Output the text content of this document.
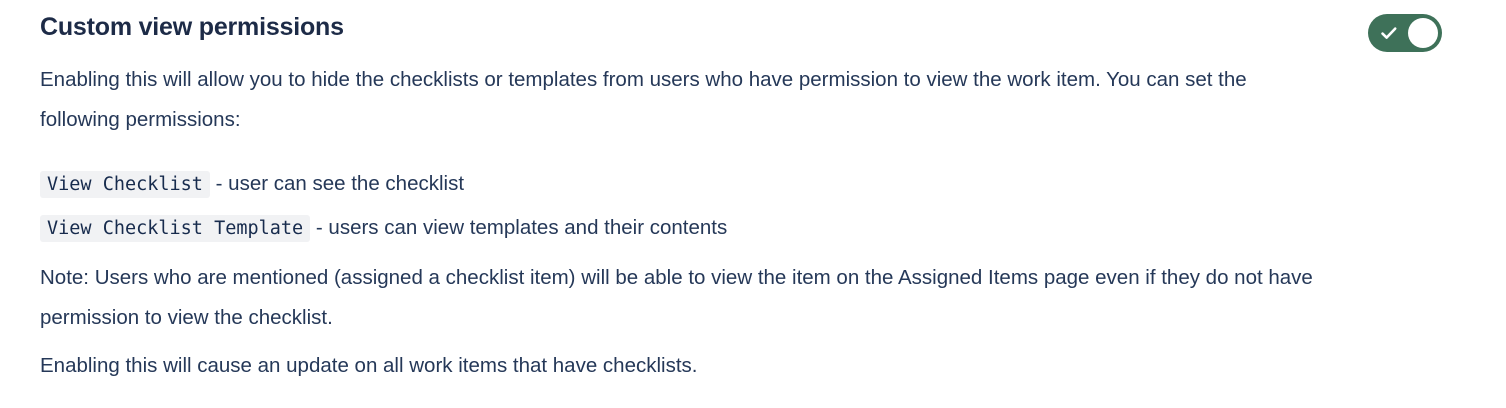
Custom view permissions

Enabling this will allow you to hide the checklists or templates from users who have permission to view the work item. You can set the following permissions:

View Checklist - user can see the checklist
View Checklist Template - users can view templates and their contents

Note: Users who are mentioned (assigned a checklist item) will be able to view the item on the Assigned Items page even if they do not have permission to view the checklist.

Enabling this will cause an update on all work items that have checklists.
